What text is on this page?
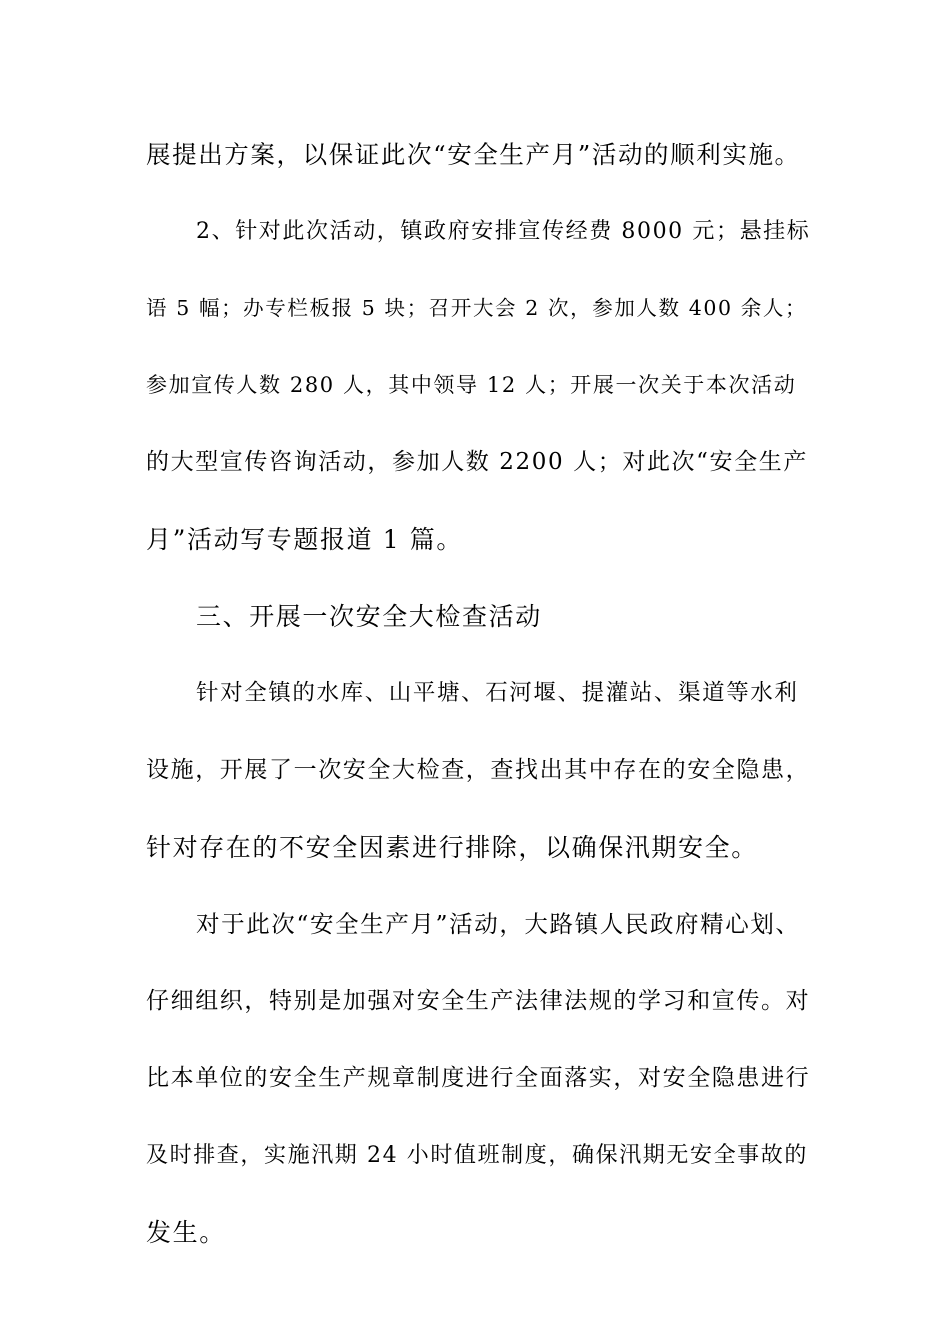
展提出方案，以保证此次“安全生产月”活动的顺利实施。
2、针对此次活动，镇政府安排宣传经费 8000 元；悬挂标
语 5 幅；办专栏板报 5 块；召开大会 2 次，参加人数 400 余人；
参加宣传人数 280 人，其中领导 12 人；开展一次关于本次活动
的大型宣传咨询活动，参加人数 2200 人；对此次“安全生产
月”活动写专题报道 1 篇。
三、开展一次安全大检查活动
针对全镇的水库、山平塘、石河堰、提灌站、渠道等水利
设施，开展了一次安全大检查，查找出其中存在的安全隐患，
针对存在的不安全因素进行排除，以确保汛期安全。
对于此次“安全生产月”活动，大路镇人民政府精心划、
仔细组织，特别是加强对安全生产法律法规的学习和宣传。对
比本单位的安全生产规章制度进行全面落实，对安全隐患进行
及时排查，实施汛期 24 小时值班制度，确保汛期无安全事故的
发生。
